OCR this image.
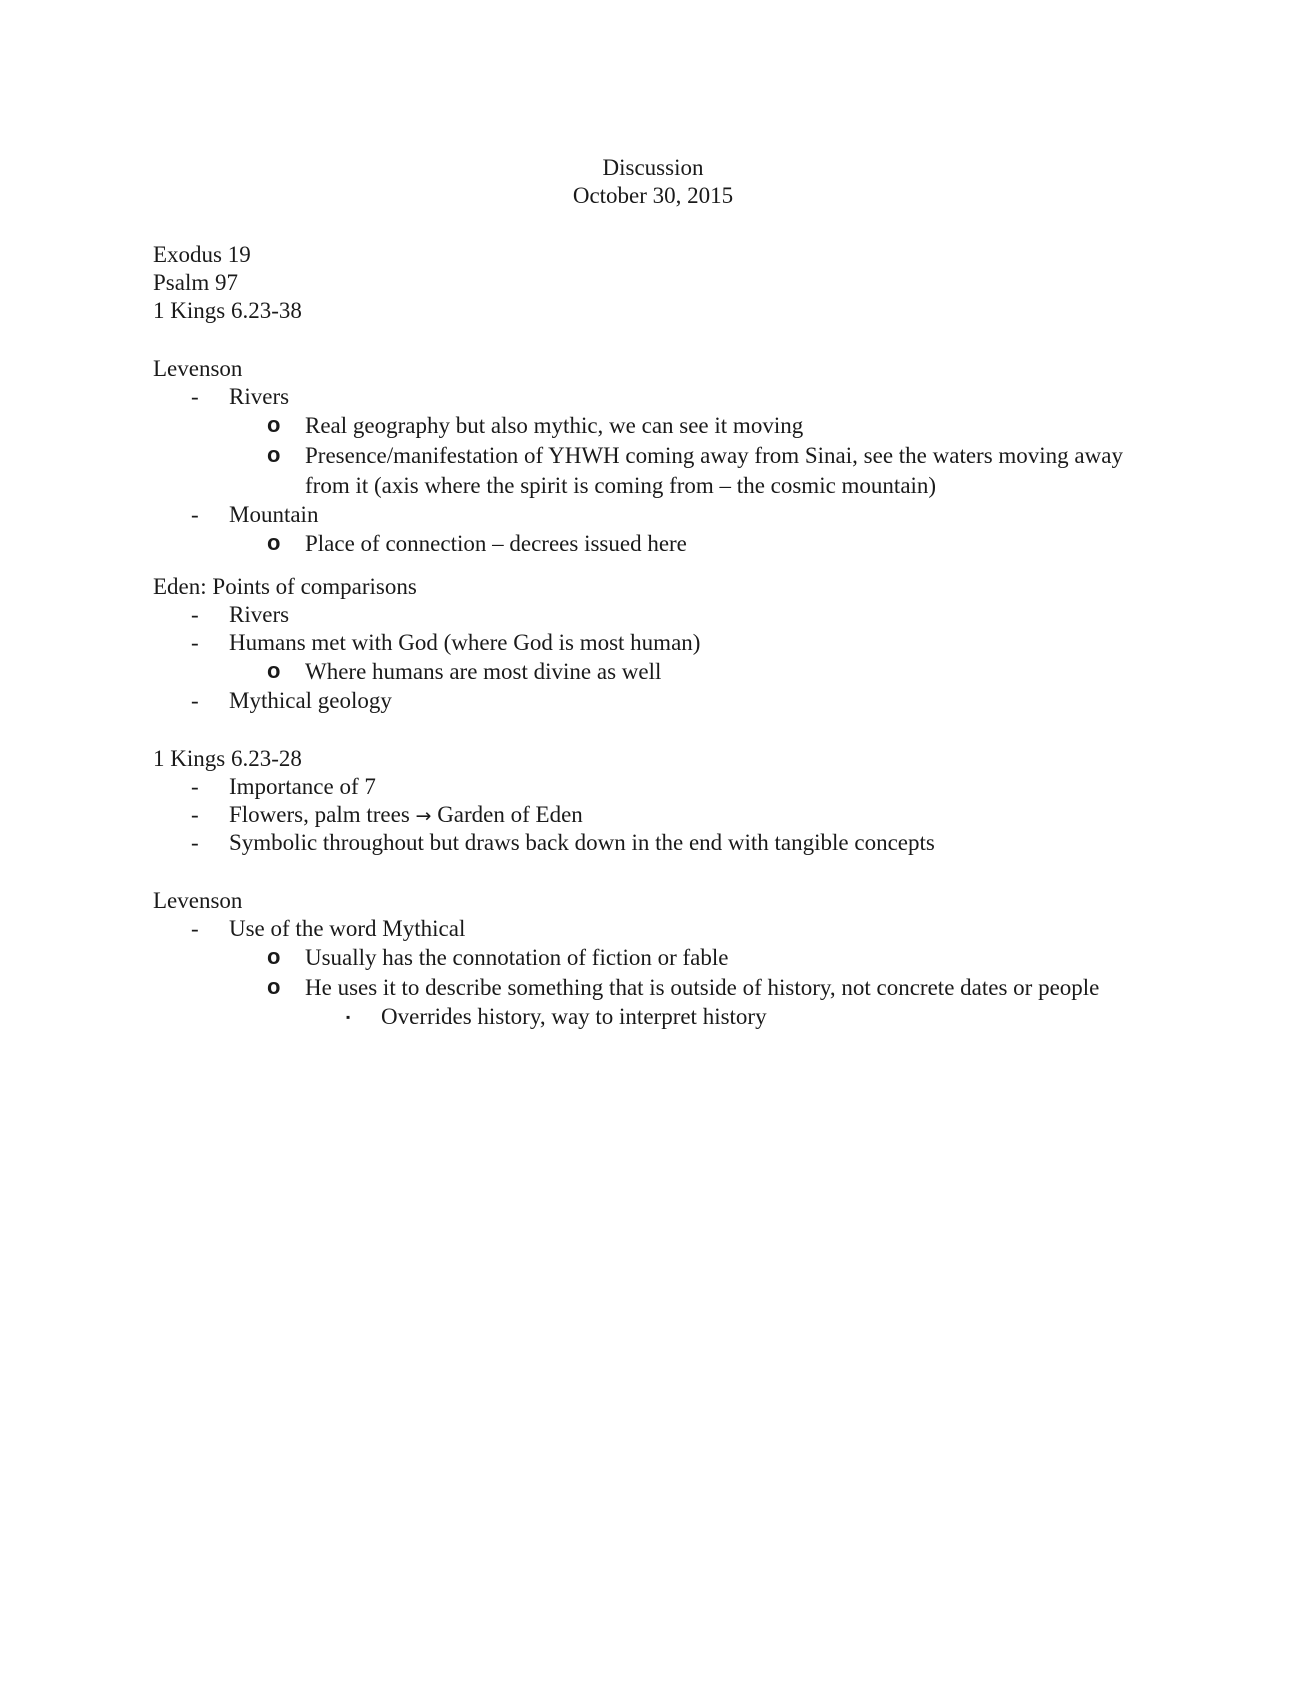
Discussion
October 30, 2015
Exodus 19
Psalm 97
1 Kings 6.23-38
Levenson
- Rivers
o Real geography but also mythic, we can see it moving
o Presence/manifestation of YHWH coming away from Sinai, see the waters moving away from it (axis where the spirit is coming from – the cosmic mountain)
- Mountain
o Place of connection – decrees issued here
Eden: Points of comparisons
- Rivers
- Humans met with God (where God is most human)
o Where humans are most divine as well
- Mythical geology
1 Kings 6.23-28
- Importance of 7
- Flowers, palm trees → Garden of Eden
- Symbolic throughout but draws back down in the end with tangible concepts
Levenson
- Use of the word Mythical
o Usually has the connotation of fiction or fable
o He uses it to describe something that is outside of history, not concrete dates or people
▪ Overrides history, way to interpret history
